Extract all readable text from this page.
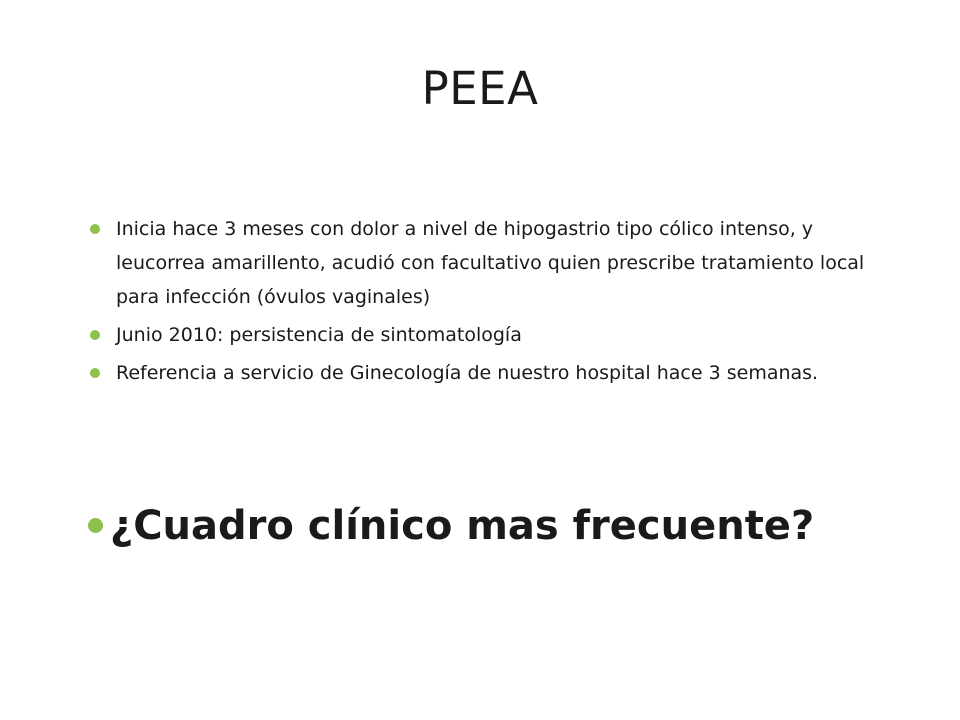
PEEA
Inicia hace 3 meses con dolor a nivel de hipogastrio tipo cólico intenso, y leucorrea amarillento, acudió con facultativo quien prescribe tratamiento local para infección (óvulos vaginales)
Junio 2010: persistencia de sintomatología
Referencia a servicio de Ginecología de nuestro hospital hace 3 semanas.

¿Cuadro clínico mas frecuente?
